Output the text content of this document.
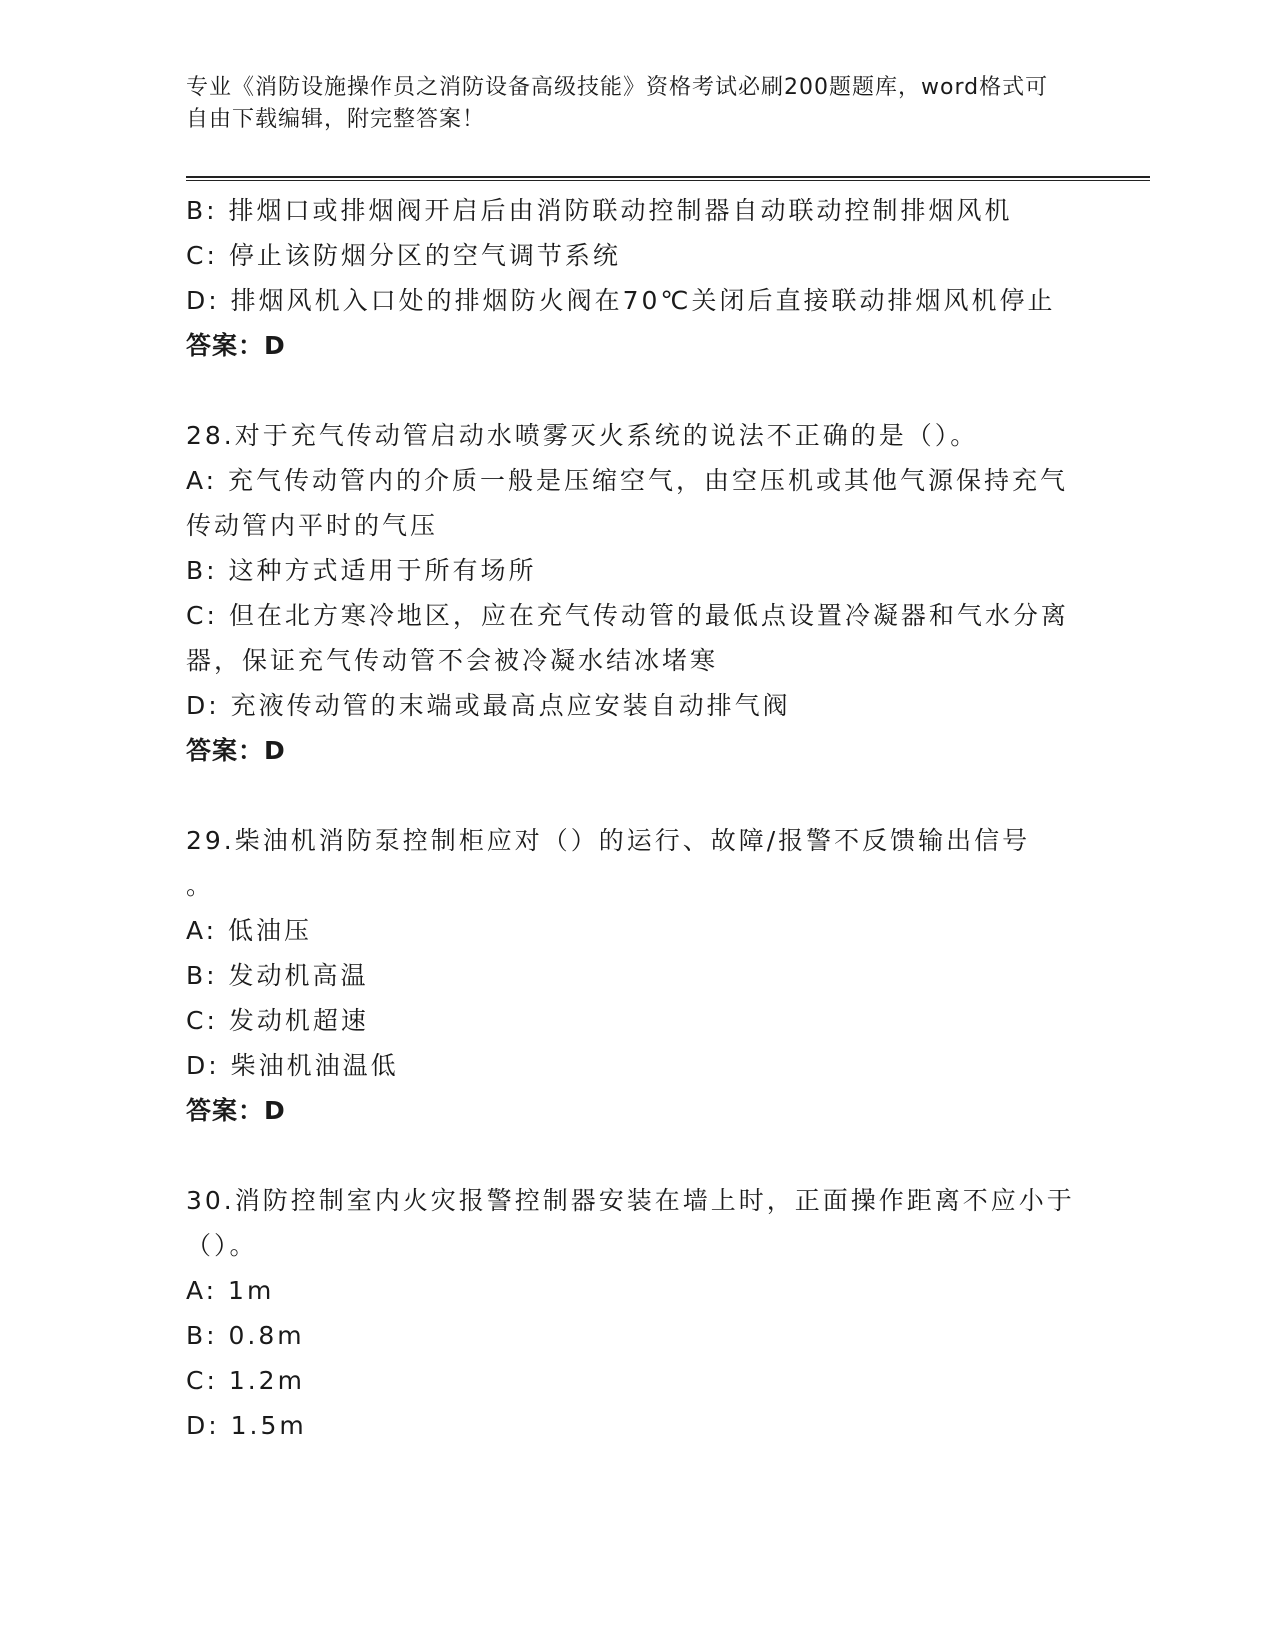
专业《消防设施操作员之消防设备高级技能》资格考试必刷200题题库，word格式可自由下载编辑，附完整答案！
B: 排烟口或排烟阀开启后由消防联动控制器自动联动控制排烟风机
C: 停止该防烟分区的空气调节系统
D: 排烟风机入口处的排烟防火阀在70℃关闭后直接联动排烟风机停止
答案：D
28.对于充气传动管启动水喷雾灭火系统的说法不正确的是（）。
A: 充气传动管内的介质一般是压缩空气，由空压机或其他气源保持充气传动管内平时的气压
B: 这种方式适用于所有场所
C: 但在北方寒冷地区，应在充气传动管的最低点设置冷凝器和气水分离器，保证充气传动管不会被冷凝水结冰堵寒
D: 充液传动管的末端或最高点应安装自动排气阀
答案：D
29.柴油机消防泵控制柜应对（）的运行、故障/报警不反馈输出信号
。
A: 低油压
B: 发动机高温
C: 发动机超速
D: 柴油机油温低
答案：D
30.消防控制室内火灾报警控制器安装在墙上时，正面操作距离不应小于（）。
A: 1m
B: 0.8m
C: 1.2m
D: 1.5m
